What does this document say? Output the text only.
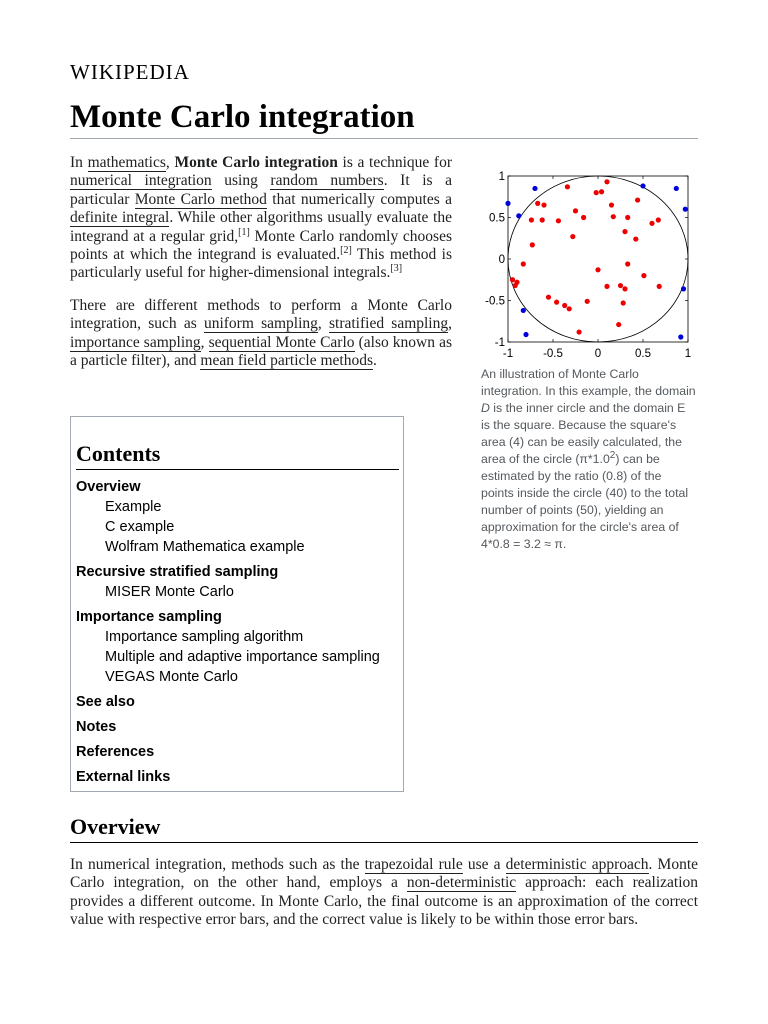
WIKIPEDIA
Monte Carlo integration

In mathematics, Monte Carlo integration is a technique for numerical integration using random numbers. It is a particular Monte Carlo method that numerically computes a definite integral. While other algorithms usually evaluate the integrand at a regular grid,[1] Monte Carlo randomly chooses points at which the integrand is evaluated.[2] This method is particularly useful for higher-dimensional integrals.[3]

There are different methods to perform a Monte Carlo integration, such as uniform sampling, stratified sampling, importance sampling, sequential Monte Carlo (also known as a particle filter), and mean field particle methods.	-1	-0.5	0	0.5	1
1
0.5
0
-0.5
-1
An illustration of Monte Carlo integration. In this example, the domain D is the inner circle and the domain E is the square. Because the square's area (4) can be easily calculated, the area of the circle $(\pi*1.0^2)$ can be estimated by the ratio (0.8) of the points inside the circle (40) to the total number of points (50), yielding an approximation for the circle's area of 4*0.8 = 3.2 ≈ π.
Contents
Overview
Example
C example
Wolfram Mathematica example
Recursive stratified sampling
MISER Monte Carlo
Importance sampling
Importance sampling algorithm
Multiple and adaptive importance sampling
VEGAS Monte Carlo
See also
Notes
References
External links
Overview

In numerical integration, methods such as the trapezoidal rule use a deterministic approach. Monte Carlo integration, on the other hand, employs a non-deterministic approach: each realization provides a different outcome. In Monte Carlo, the final outcome is an approximation of the correct value with respective error bars, and the correct value is likely to be within those error bars.
